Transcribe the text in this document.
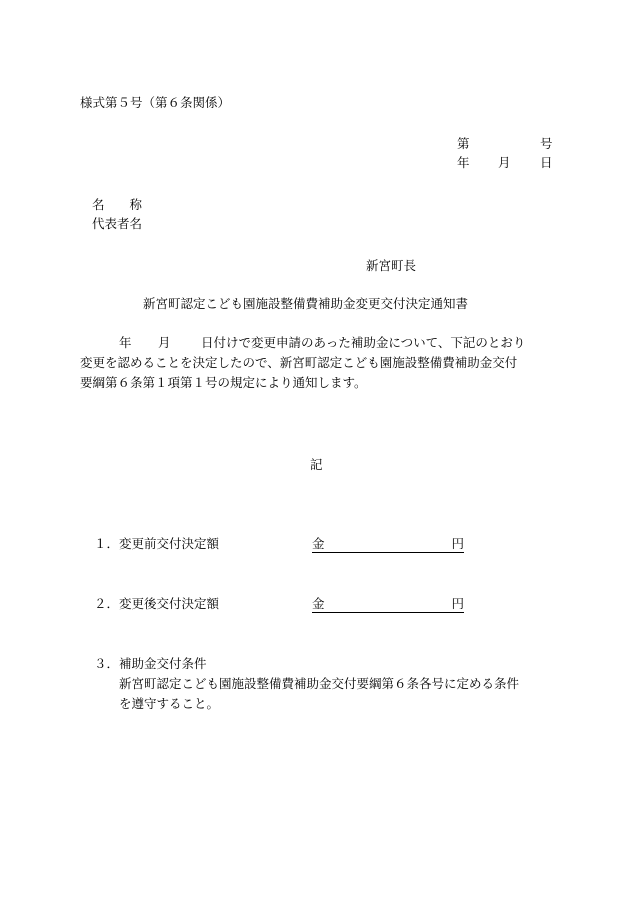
様式第５号（第６条関係）
第	号
年 月 日
名　　称
代表者名
新宮町長
新宮町認定こども園施設整備費補助金変更交付決定通知書
年 月 日付けで変更申請のあった補助金について、下記のとおり
変更を認めることを決定したので、新宮町認定こども園施設整備費補助金交付
要綱第６条第１項第１号の規定により通知します。
記
１． 変更前交付決定額	金	円
２． 変更後交付決定額	金	円
３． 補助金交付条件
新宮町認定こども園施設整備費補助金交付要綱第６条各号に定める条件
を遵守すること。
